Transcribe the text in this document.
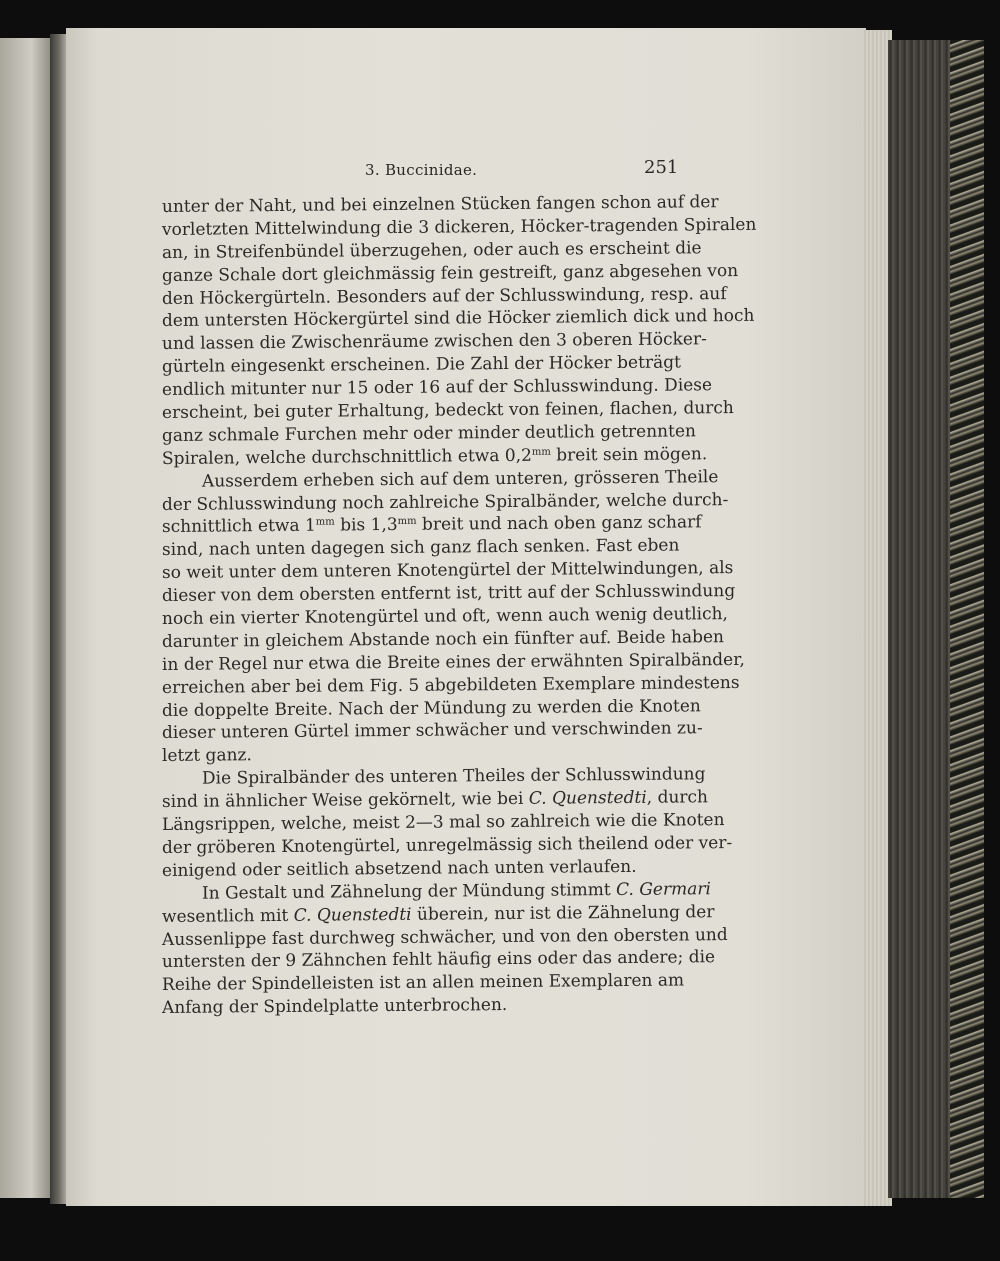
3. Buccinidae.	251
unter der Naht, und bei einzelnen Stücken fangen schon auf der
vorletzten Mittelwindung die 3 dickeren, Höcker-tragenden Spiralen
an, in Streifenbündel überzugehen, oder auch es erscheint die
ganze Schale dort gleichmässig fein gestreift, ganz abgesehen von
den Höckergürteln. Besonders auf der Schlusswindung, resp. auf
dem untersten Höckergürtel sind die Höcker ziemlich dick und hoch
und lassen die Zwischenräume zwischen den 3 oberen Höcker-
gürteln eingesenkt erscheinen. Die Zahl der Höcker beträgt
endlich mitunter nur 15 oder 16 auf der Schlusswindung. Diese
erscheint, bei guter Erhaltung, bedeckt von feinen, flachen, durch
ganz schmale Furchen mehr oder minder deutlich getrennten
Spiralen, welche durchschnittlich etwa $0,2^{mm}$ breit sein mögen.
Ausserdem erheben sich auf dem unteren, grösseren Theile
der Schlusswindung noch zahlreiche Spiralbänder, welche durch-
schnittlich etwa $1^{mm}$ bis $1,3^{mm}$ breit und nach oben ganz scharf
sind, nach unten dagegen sich ganz flach senken. Fast eben
so weit unter dem unteren Knotengürtel der Mittelwindungen, als
dieser von dem obersten entfernt ist, tritt auf der Schlusswindung
noch ein vierter Knotengürtel und oft, wenn auch wenig deutlich,
darunter in gleichem Abstande noch ein fünfter auf. Beide haben
in der Regel nur etwa die Breite eines der erwähnten Spiralbänder,
erreichen aber bei dem Fig. 5 abgebildeten Exemplare mindestens
die doppelte Breite. Nach der Mündung zu werden die Knoten
dieser unteren Gürtel immer schwächer und verschwinden zu-
letzt ganz.
Die Spiralbänder des unteren Theiles der Schlusswindung
sind in ähnlicher Weise gekörnelt, wie bei C. Quenstedti, durch
Längsrippen, welche, meist 2—3 mal so zahlreich wie die Knoten
der gröberen Knotengürtel, unregelmässig sich theilend oder ver-
einigend oder seitlich absetzend nach unten verlaufen.
In Gestalt und Zähnelung der Mündung stimmt C. Germari
wesentlich mit C. Quenstedti überein, nur ist die Zähnelung der
Aussenlippe fast durchweg schwächer, und von den obersten und
untersten der 9 Zähnchen fehlt häufig eins oder das andere; die
Reihe der Spindelleisten ist an allen meinen Exemplaren am
Anfang der Spindelplatte unterbrochen.
